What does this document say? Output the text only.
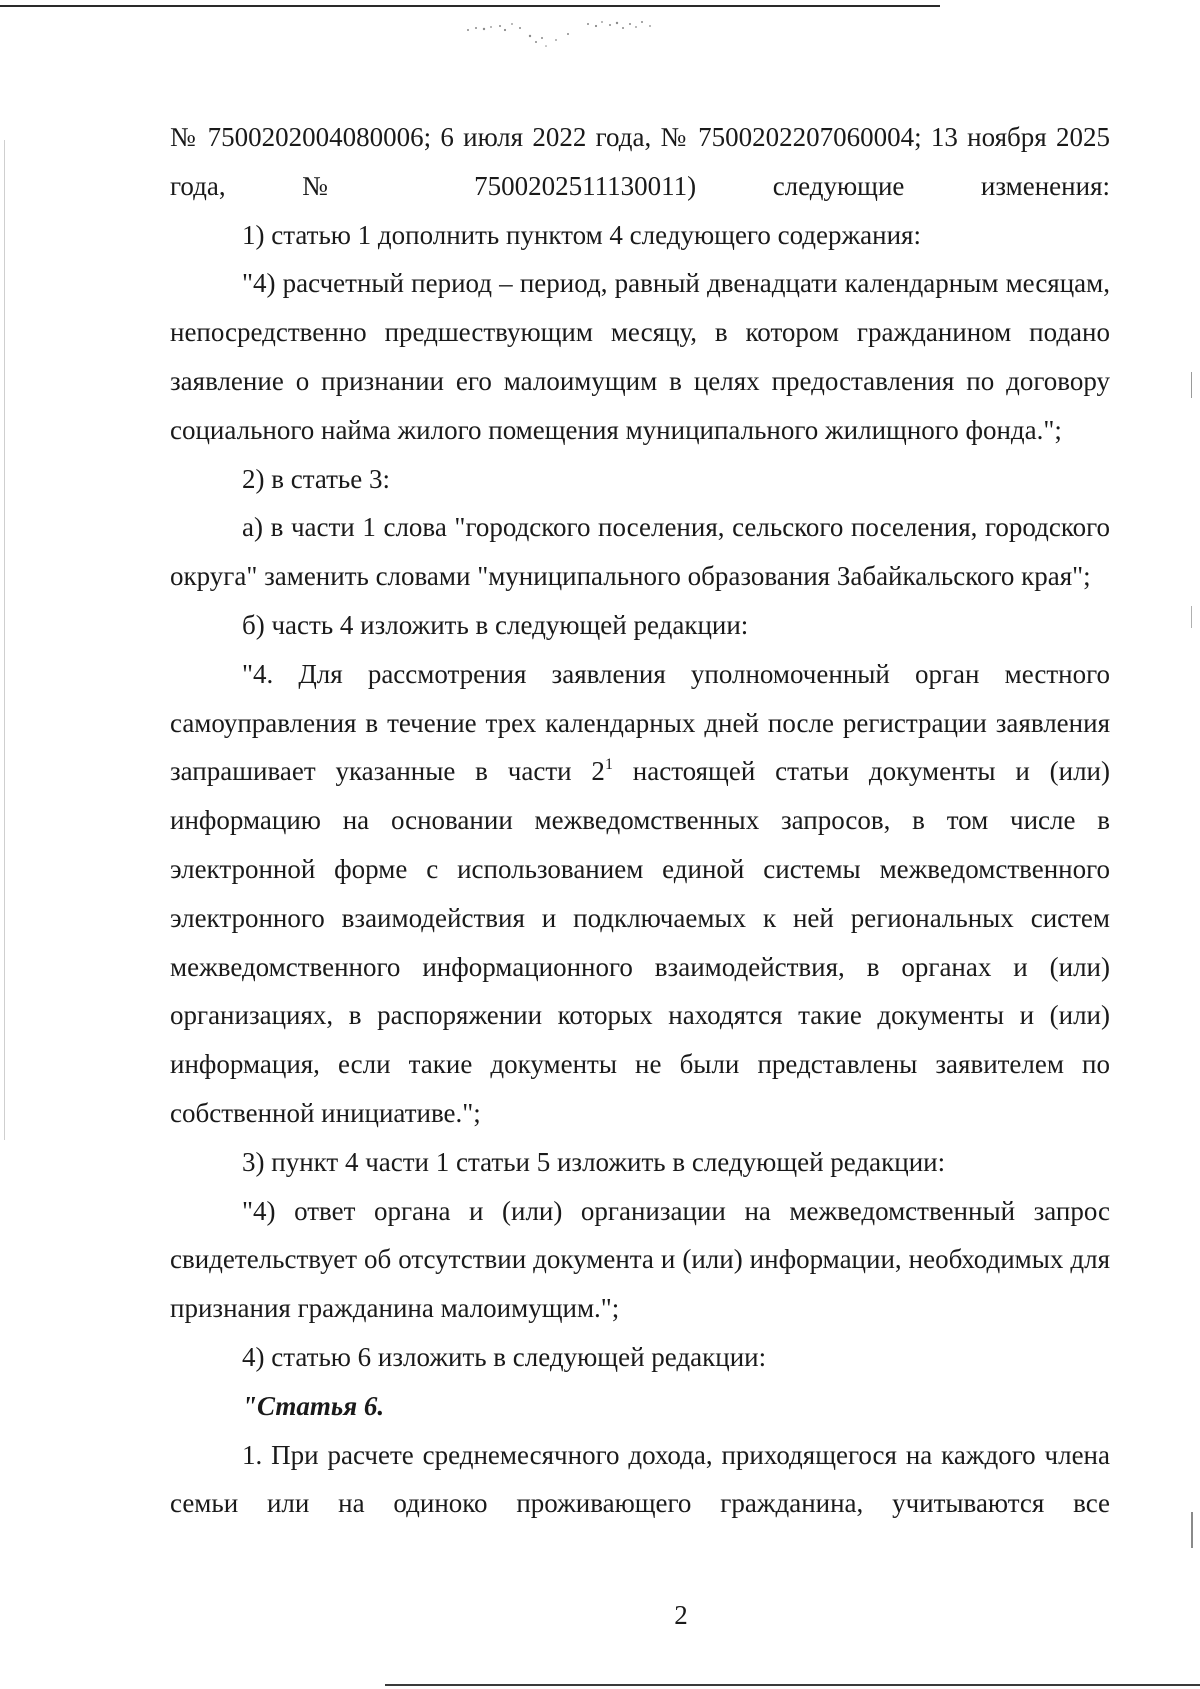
№ 7500202004080006; 6 июля 2022 года, № 7500202207060004; 13 ноября 2025 года, № 7500202511130011) следующие изменения:

1) статью 1 дополнить пунктом 4 следующего содержания:

"4) расчетный период – период, равный двенадцати календарным месяцам, непосредственно предшествующим месяцу, в котором гражданином подано заявление о признании его малоимущим в целях предоставления по договору социального найма жилого помещения муниципального жилищного фонда.";

2) в статье 3:

а) в части 1 слова "городского поселения, сельского поселения, городского округа" заменить словами "муниципального образования Забайкальского края";

б) часть 4 изложить в следующей редакции:

"4. Для рассмотрения заявления уполномоченный орган местного самоуправления в течение трех календарных дней после регистрации заявления запрашивает указанные в части $2^1$ настоящей статьи документы и (или) информацию на основании межведомственных запросов, в том числе в электронной форме с использованием единой системы межведомственного электронного взаимодействия и подключаемых к ней региональных систем межведомственного информационного взаимодействия, в органах и (или) организациях, в распоряжении которых находятся такие документы и (или) информация, если такие документы не были представлены заявителем по собственной инициативе.";

3) пункт 4 части 1 статьи 5 изложить в следующей редакции:

"4) ответ органа и (или) организации на межведомственный запрос свидетельствует об отсутствии документа и (или) информации, необходимых для признания гражданина малоимущим.";

4) статью 6 изложить в следующей редакции:

"Статья 6.

1. При расчете среднемесячного дохода, приходящегося на каждого члена семьи или на одиноко проживающего гражданина, учитываются все

2
